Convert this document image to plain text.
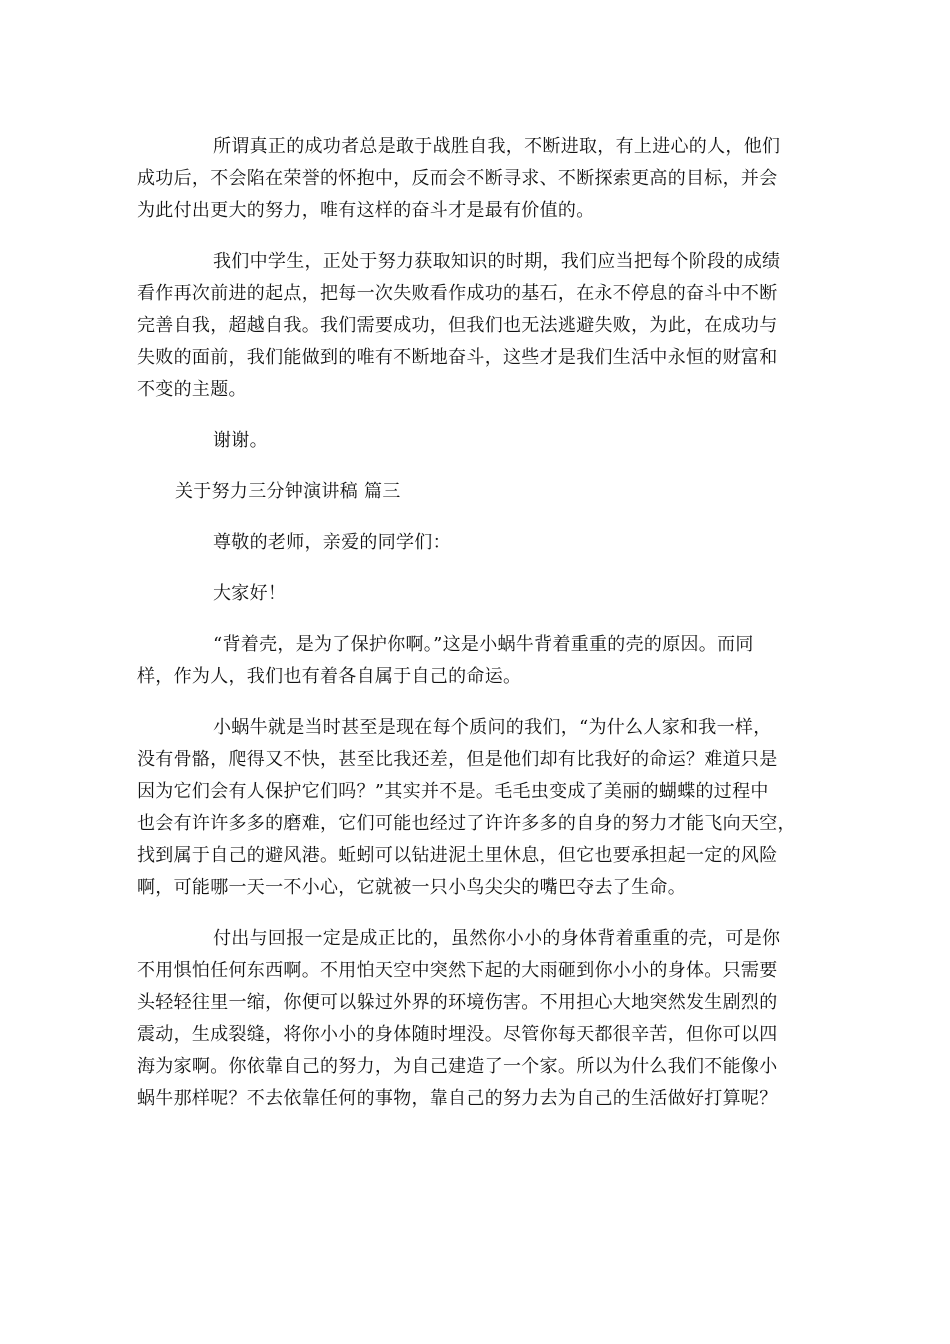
所谓真正的成功者总是敢于战胜自我，不断进取，有上进心的人，他们
成功后，不会陷在荣誉的怀抱中，反而会不断寻求、不断探索更高的目标，并会
为此付出更大的努力，唯有这样的奋斗才是最有价值的。

我们中学生，正处于努力获取知识的时期，我们应当把每个阶段的成绩
看作再次前进的起点，把每一次失败看作成功的基石，在永不停息的奋斗中不断
完善自我，超越自我。我们需要成功，但我们也无法逃避失败，为此，在成功与
失败的面前，我们能做到的唯有不断地奋斗，这些才是我们生活中永恒的财富和
不变的主题。

谢谢。

关于努力三分钟演讲稿 篇三

尊敬的老师，亲爱的同学们：

大家好！

“背着壳，是为了保护你啊。”这是小蜗牛背着重重的壳的原因。而同
样，作为人，我们也有着各自属于自己的命运。

小蜗牛就是当时甚至是现在每个质问的我们，“为什么人家和我一样，
没有骨骼，爬得又不快，甚至比我还差，但是他们却有比我好的命运？难道只是
因为它们会有人保护它们吗？”其实并不是。毛毛虫变成了美丽的蝴蝶的过程中
也会有许许多多的磨难，它们可能也经过了许许多多的自身的努力才能飞向天空，
找到属于自己的避风港。蚯蚓可以钻进泥土里休息，但它也要承担起一定的风险
啊，可能哪一天一不小心，它就被一只小鸟尖尖的嘴巴夺去了生命。

付出与回报一定是成正比的，虽然你小小的身体背着重重的壳，可是你
不用惧怕任何东西啊。不用怕天空中突然下起的大雨砸到你小小的身体。只需要
头轻轻往里一缩，你便可以躲过外界的环境伤害。不用担心大地突然发生剧烈的
震动，生成裂缝，将你小小的身体随时埋没。尽管你每天都很辛苦，但你可以四
海为家啊。你依靠自己的努力，为自己建造了一个家。所以为什么我们不能像小
蜗牛那样呢？不去依靠任何的事物，靠自己的努力去为自己的生活做好打算呢？
